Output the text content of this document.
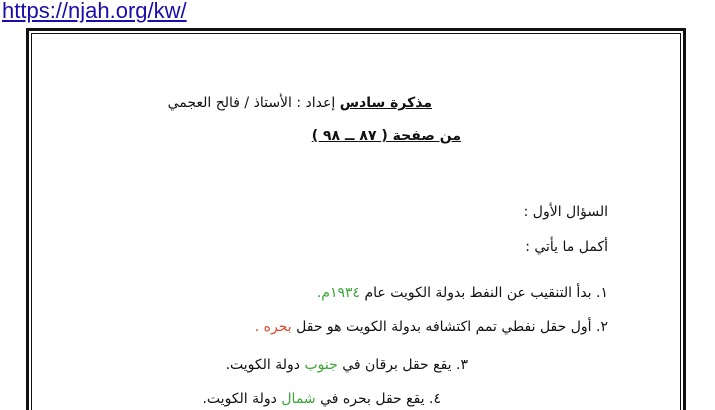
https://njah.org/kw/
مذكرة سادس إعداد : الأستاذ / فالح العجمي
من صفحة ( ٨٧ ــ ٩٨ )
السؤال الأول :
أكمل ما يأتي :
١. بدأ التنقيب عن النفط بدولة الكويت عام ١٩٣٤م.
٢. أول حقل نفطي تمم اكتشافه بدولة الكويت هو حقل بحره .
٣. يقع حقل برقان في جنوب دولة الكويت.
٤. يقع حقل بحره في شمال دولة الكويت.
